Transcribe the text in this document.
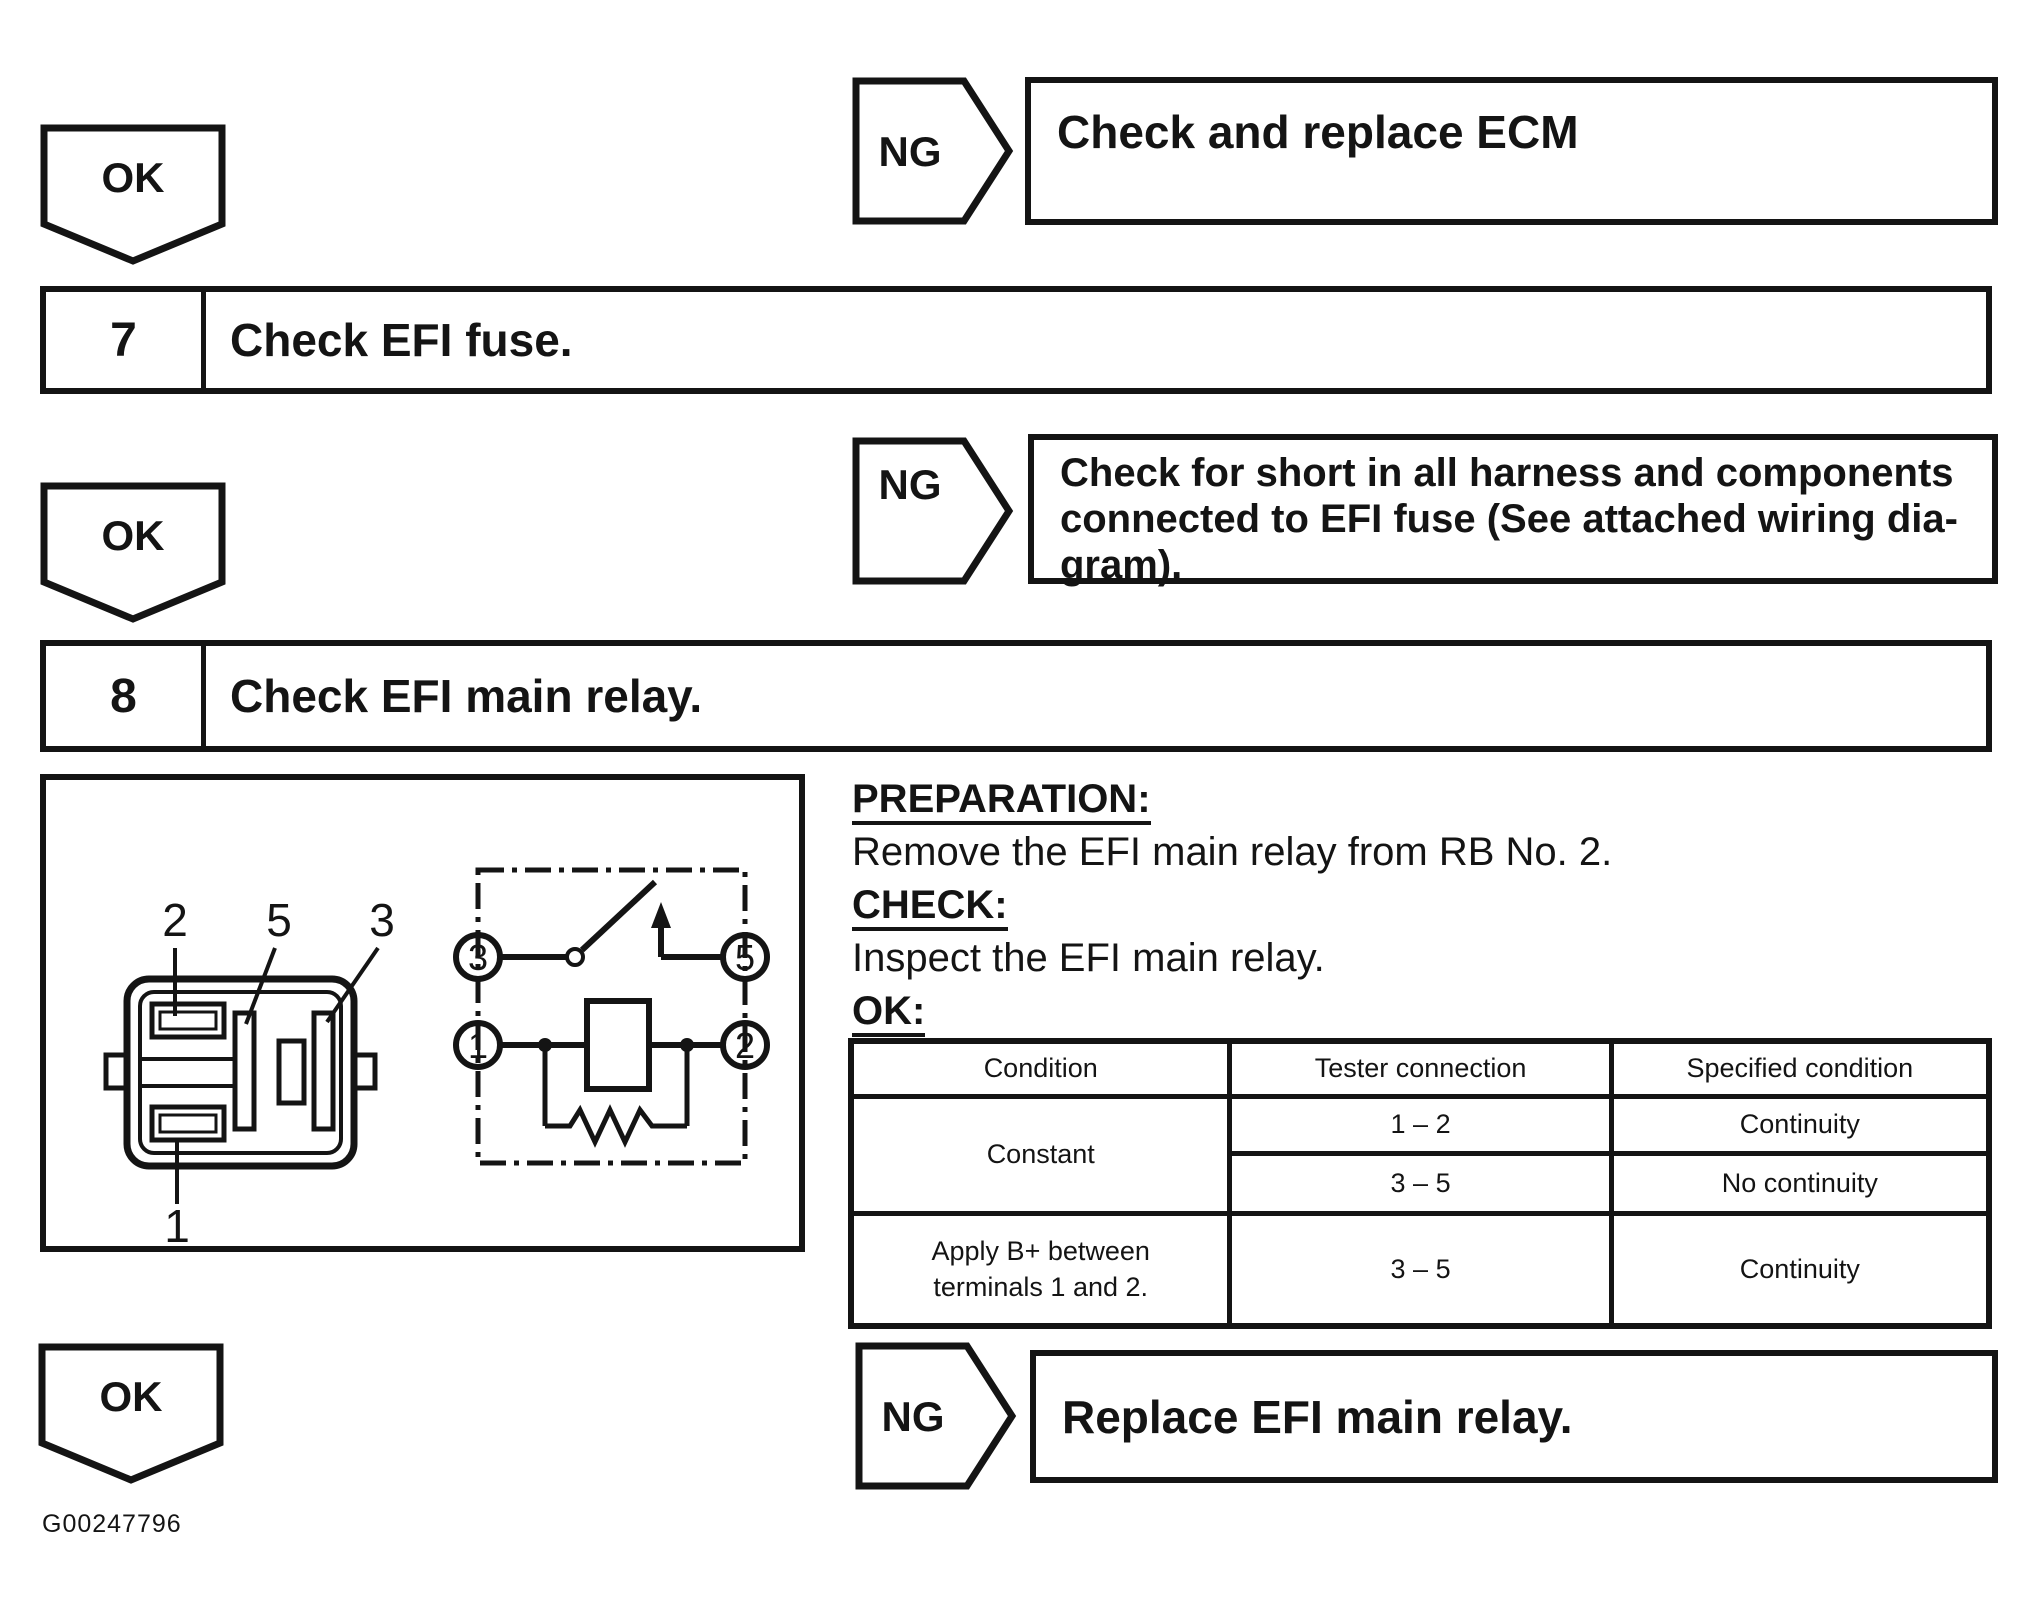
OK
NG	Check and replace ECM
7	Check EFI fuse.
NG	Check for short in all harness and components
connected to EFI fuse (See attached wiring dia-
gram).
OK
8	Check EFI main relay.
2 5 3
1
3	5
1	2
PREPARATION:
Remove the EFI main relay from RB No. 2.
CHECK:
Inspect the EFI main relay.
OK:
Condition	Tester connection	Specified condition
Constant	1 – 2	Continuity
	3 – 5	No continuity
Apply B+ between terminals 1 and 2.	3 – 5	Continuity
NG	Replace EFI main relay.
OK
G00247796
